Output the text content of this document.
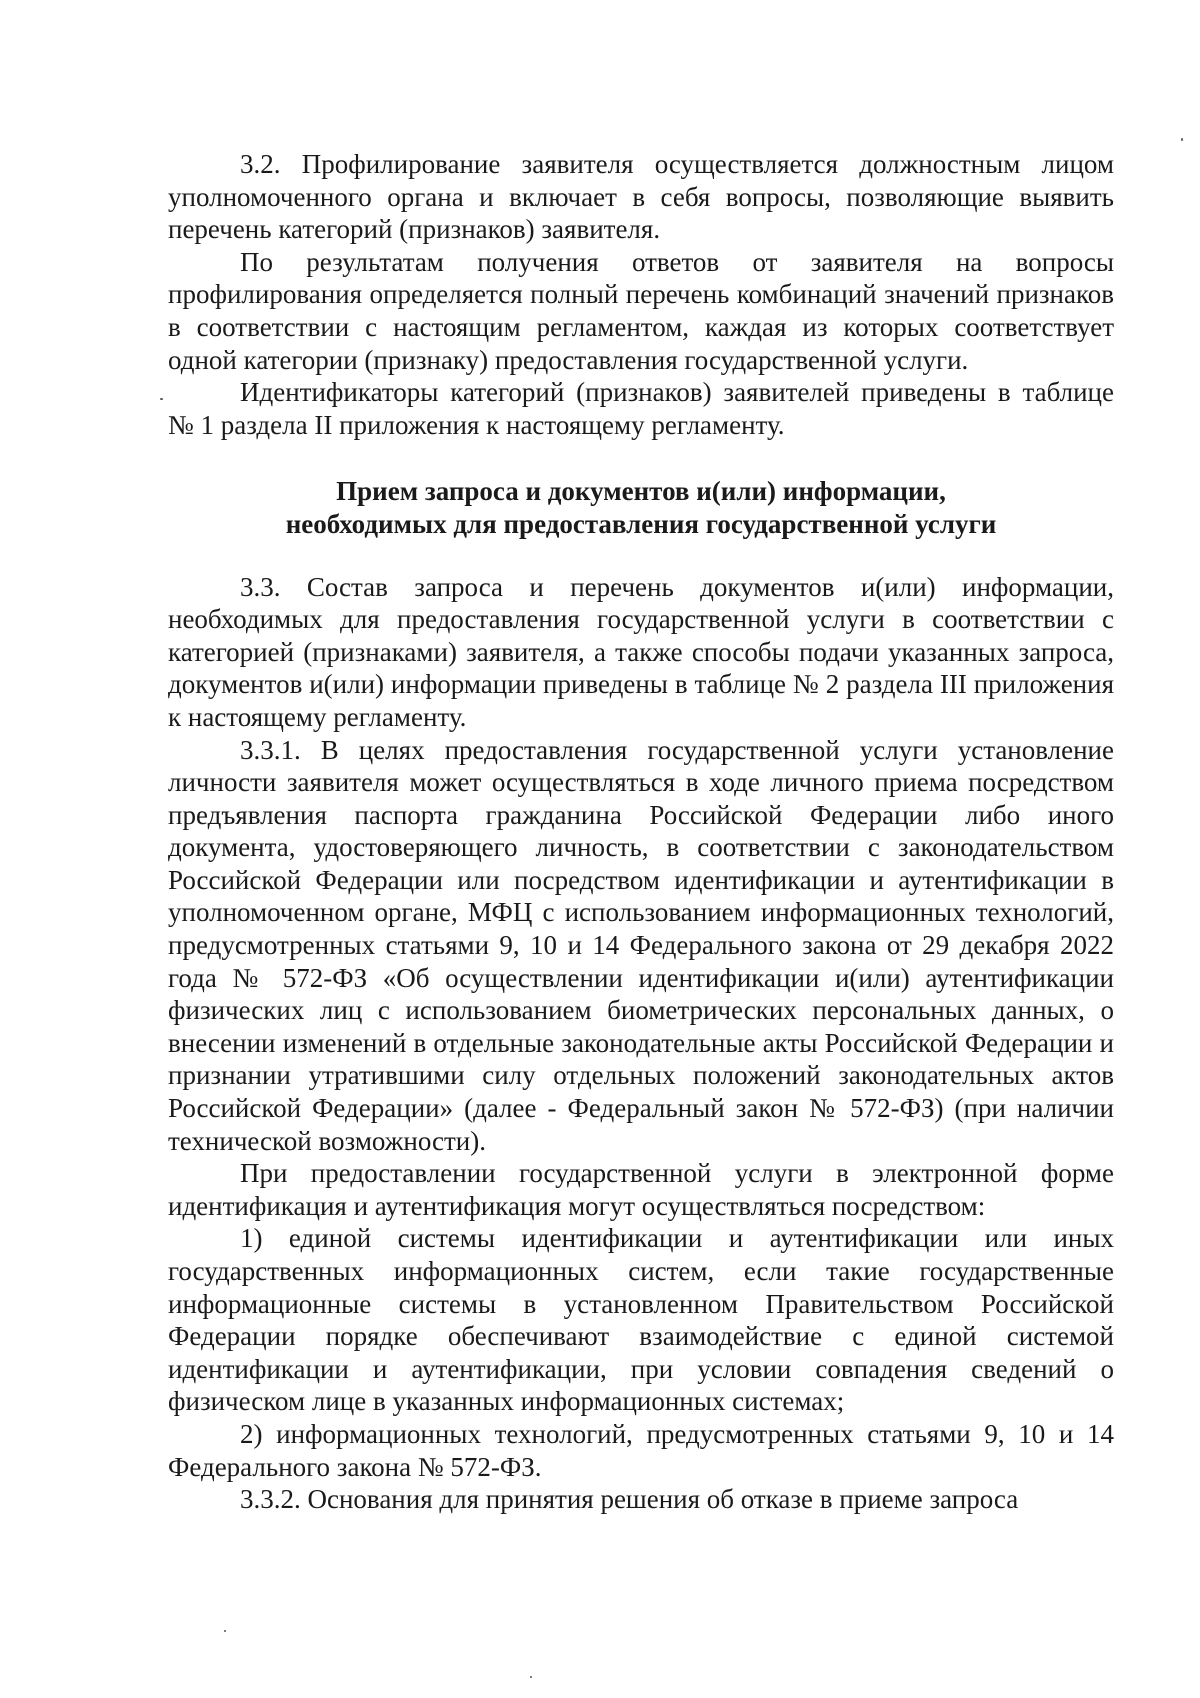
3.2. Профилирование заявителя осуществляется должностным лицом уполномоченного органа и включает в себя вопросы, позволяющие выявить перечень категорий (признаков) заявителя.

По результатам получения ответов от заявителя на вопросы профилирования определяется полный перечень комбинаций значений признаков в соответствии с настоящим регламентом, каждая из которых соответствует одной категории (признаку) предоставления государственной услуги.

Идентификаторы категорий (признаков) заявителей приведены в таблице № 1 раздела II приложения к настоящему регламенту.

Прием запроса и документов и(или) информации,

необходимых для предоставления государственной услуги

3.3. Состав запроса и перечень документов и(или) информации, необходимых для предоставления государственной услуги в соответствии с категорией (признаками) заявителя, а также способы подачи указанных запроса, документов и(или) информации приведены в таблице № 2 раздела III приложения к настоящему регламенту.

3.3.1. В целях предоставления государственной услуги установление личности заявителя может осуществляться в ходе личного приема посредством предъявления паспорта гражданина Российской Федерации либо иного документа, удостоверяющего личность, в соответствии с законодательством Российской Федерации или посредством идентификации и аутентификации в уполномоченном органе, МФЦ с использованием информационных технологий, предусмотренных статьями 9, 10 и 14 Федерального закона от 29 декабря 2022 года № 572-ФЗ «Об осуществлении идентификации и(или) аутентификации физических лиц с использованием биометрических персональных данных, о внесении изменений в отдельные законодательные акты Российской Федерации и признании утратившими силу отдельных положений законодательных актов Российской Федерации» (далее - Федеральный закон № 572-ФЗ) (при наличии технической возможности).

При предоставлении государственной услуги в электронной форме идентификация и аутентификация могут осуществляться посредством:

1) единой системы идентификации и аутентификации или иных государственных информационных систем, если такие государственные информационные системы в установленном Правительством Российской Федерации порядке обеспечивают взаимодействие с единой системой идентификации и аутентификации, при условии совпадения сведений о физическом лице в указанных информационных системах;

2) информационных технологий, предусмотренных статьями 9, 10 и 14 Федерального закона № 572-ФЗ.

3.3.2. Основания для принятия решения об отказе в приеме запроса
